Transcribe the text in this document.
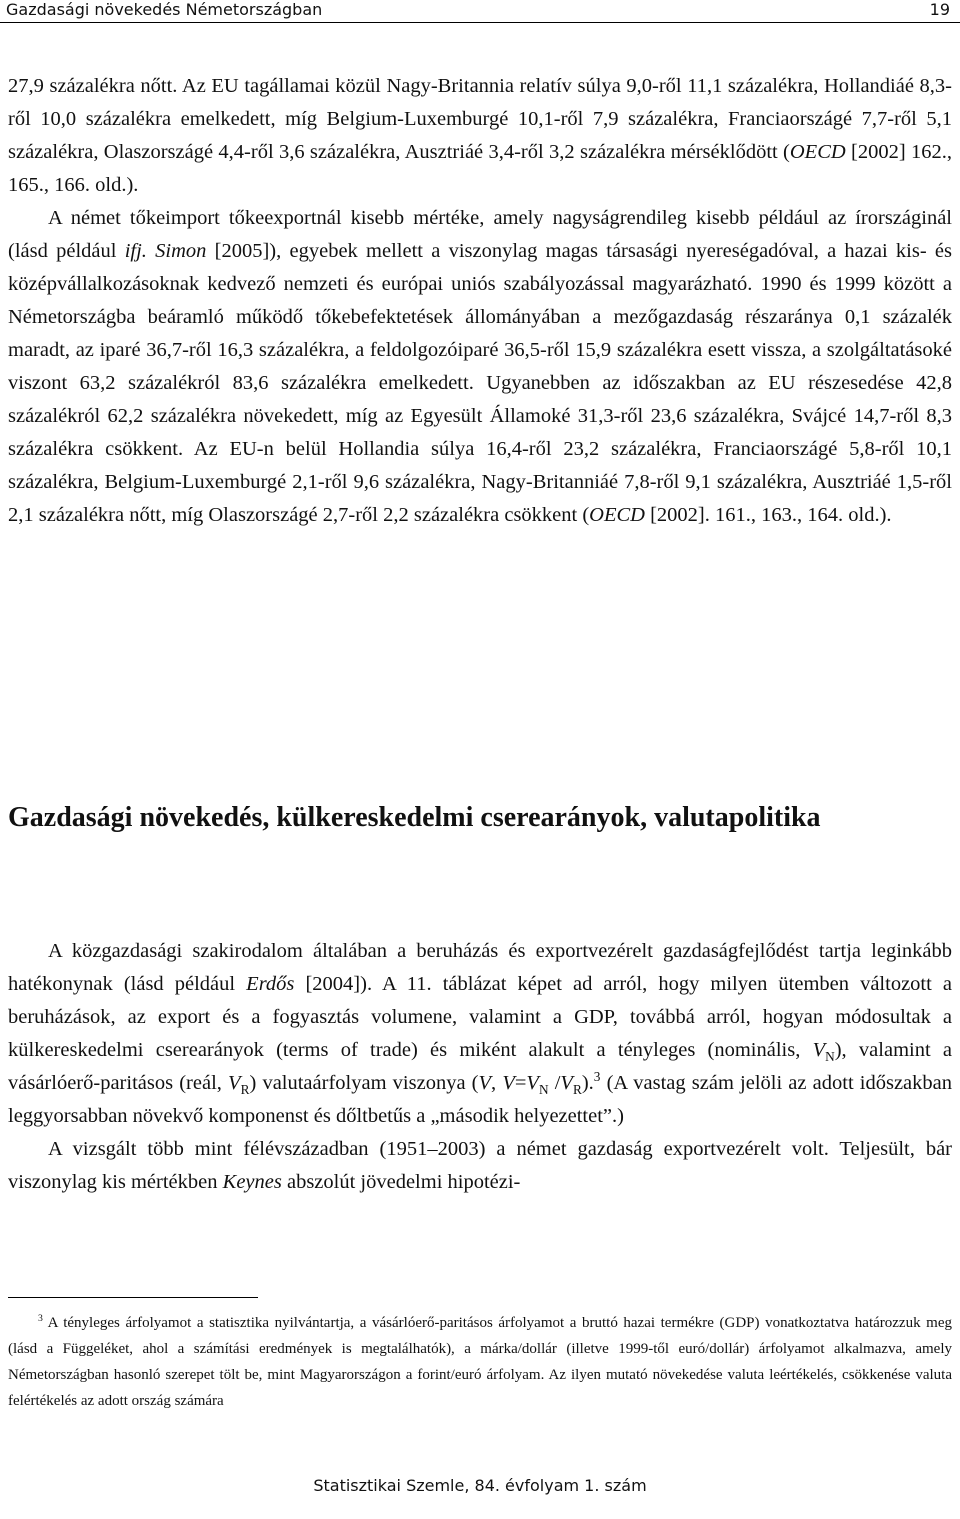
Gazdasági növekedés Németországban	19

27,9 százalékra nőtt. Az EU tagállamai közül Nagy-Britannia relatív súlya 9,0-ről 11,1 százalékra, Hollandiáé 8,3-ről 10,0 százalékra emelkedett, míg Belgium-Luxemburgé 10,1-ről 7,9 százalékra, Franciaországé 7,7-ről 5,1 százalékra, Olaszországé 4,4-ről 3,6 százalékra, Ausztriáé 3,4-ről 3,2 százalékra mérséklődött (OECD [2002] 162., 165., 166. old.).

A német tőkeimport tőkeexportnál kisebb mértéke, amely nagyságrendileg kisebb például az írországinál (lásd például ifj. Simon [2005]), egyebek mellett a viszonylag magas társasági nyereségadóval, a hazai kis- és középvállalkozásoknak kedvező nemzeti és európai uniós szabályozással magyarázható. 1990 és 1999 között a Németországba beáramló működő tőkebefektetések állományában a mezőgazdaság részaránya 0,1 százalék maradt, az iparé 36,7-ről 16,3 százalékra, a feldolgozóiparé 36,5-ről 15,9 százalékra esett vissza, a szolgáltatásoké viszont 63,2 százalékról 83,6 százalékra emelkedett. Ugyanebben az időszakban az EU részesedése 42,8 százalékról 62,2 százalékra növekedett, míg az Egyesült Államoké 31,3-ről 23,6 százalékra, Svájcé 14,7-ről 8,3 százalékra csökkent. Az EU-n belül Hollandia súlya 16,4-ről 23,2 százalékra, Franciaországé 5,8-ről 10,1 százalékra, Belgium-Luxemburgé 2,1-ről 9,6 százalékra, Nagy-Britanniáé 7,8-ről 9,1 százalékra, Ausztriáé 1,5-ről 2,1 százalékra nőtt, míg Olaszországé 2,7-ről 2,2 százalékra csökkent (OECD [2002]. 161., 163., 164. old.).

Gazdasági növekedés, külkereskedelmi cserearányok, valutapolitika

A közgazdasági szakirodalom általában a beruházás és exportvezérelt gazdaságfejlődést tartja leginkább hatékonynak (lásd például Erdős [2004]). A 11. táblázat képet ad arról, hogy milyen ütemben változott a beruházások, az export és a fogyasztás volumene, valamint a GDP, továbbá arról, hogyan módosultak a külkereskedelmi cserearányok (terms of trade) és miként alakult a tényleges (nominális, $V_N$), valamint a vásárlóerő-paritásos (reál, $V_R$) valutaárfolyam viszonya (V, $V=V_N$ $/V_R).^3$ (A vastag szám jelöli az adott időszakban leggyorsabban növekvő komponenst és dőltbetűs a „második helyezettet”.)

A vizsgált több mint félévszázadban (1951–2003) a német gazdaság exportvezérelt volt. Teljesült, bár viszonylag kis mértékben Keynes abszolút jövedelmi hipotézi-

$^3$ A tényleges árfolyamot a statisztika nyilvántartja, a vásárlóerő-paritásos árfolyamot a bruttó hazai termékre (GDP) vonatkoztatva határozzuk meg (lásd a Függeléket, ahol a számítási eredmények is megtalálhatók), a márka/dollár (illetve 1999-től euró/dollár) árfolyamot alkalmazva, amely Németországban hasonló szerepet tölt be, mint Magyarországon a forint/euró árfolyam. Az ilyen mutató növekedése valuta leértékelés, csökkenése valuta felértékelés az adott ország számára

Statisztikai Szemle, 84. évfolyam 1. szám
